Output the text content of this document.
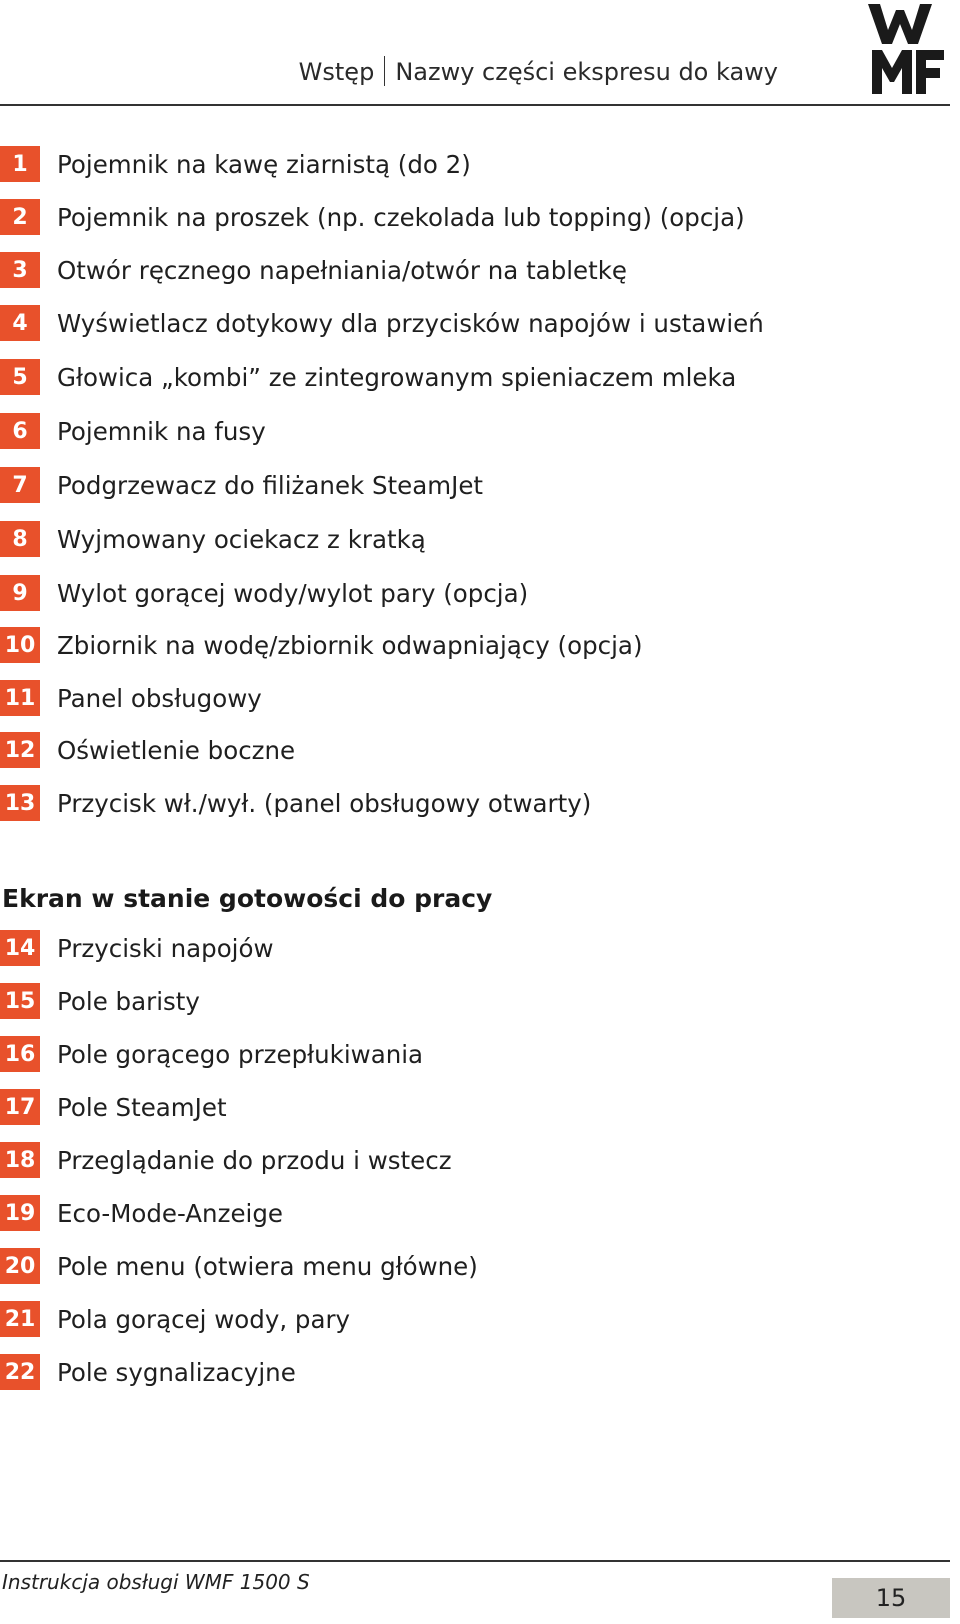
Wstęp Nazwy części ekspresu do kawy
1	Pojemnik na kawę ziarnistą (do 2)
2	Pojemnik na proszek (np. czekolada lub topping) (opcja)
3	Otwór ręcznego napełniania/otwór na tabletkę
4	Wyświetlacz dotykowy dla przycisków napojów i ustawień
5	Głowica „kombi” ze zintegrowanym spieniaczem mleka
6	Pojemnik na fusy
7	Podgrzewacz do filiżanek SteamJet
8	Wyjmowany ociekacz z kratką
9	Wylot gorącej wody/wylot pary (opcja)
10 Zbiornik na wodę/zbiornik odwapniający (opcja)
11 Panel obsługowy
12 Oświetlenie boczne
13 Przycisk wł./wył. (panel obsługowy otwarty)
Ekran w stanie gotowości do pracy
14 Przyciski napojów
15 Pole baristy
16 Pole gorącego przepłukiwania
17 Pole SteamJet
18 Przeglądanie do przodu i wstecz
19 Eco-Mode-Anzeige
20 Pole menu (otwiera menu główne)
21 Pola gorącej wody, pary
22 Pole sygnalizacyjne
Instrukcja obsługi WMF 1500 S
15
